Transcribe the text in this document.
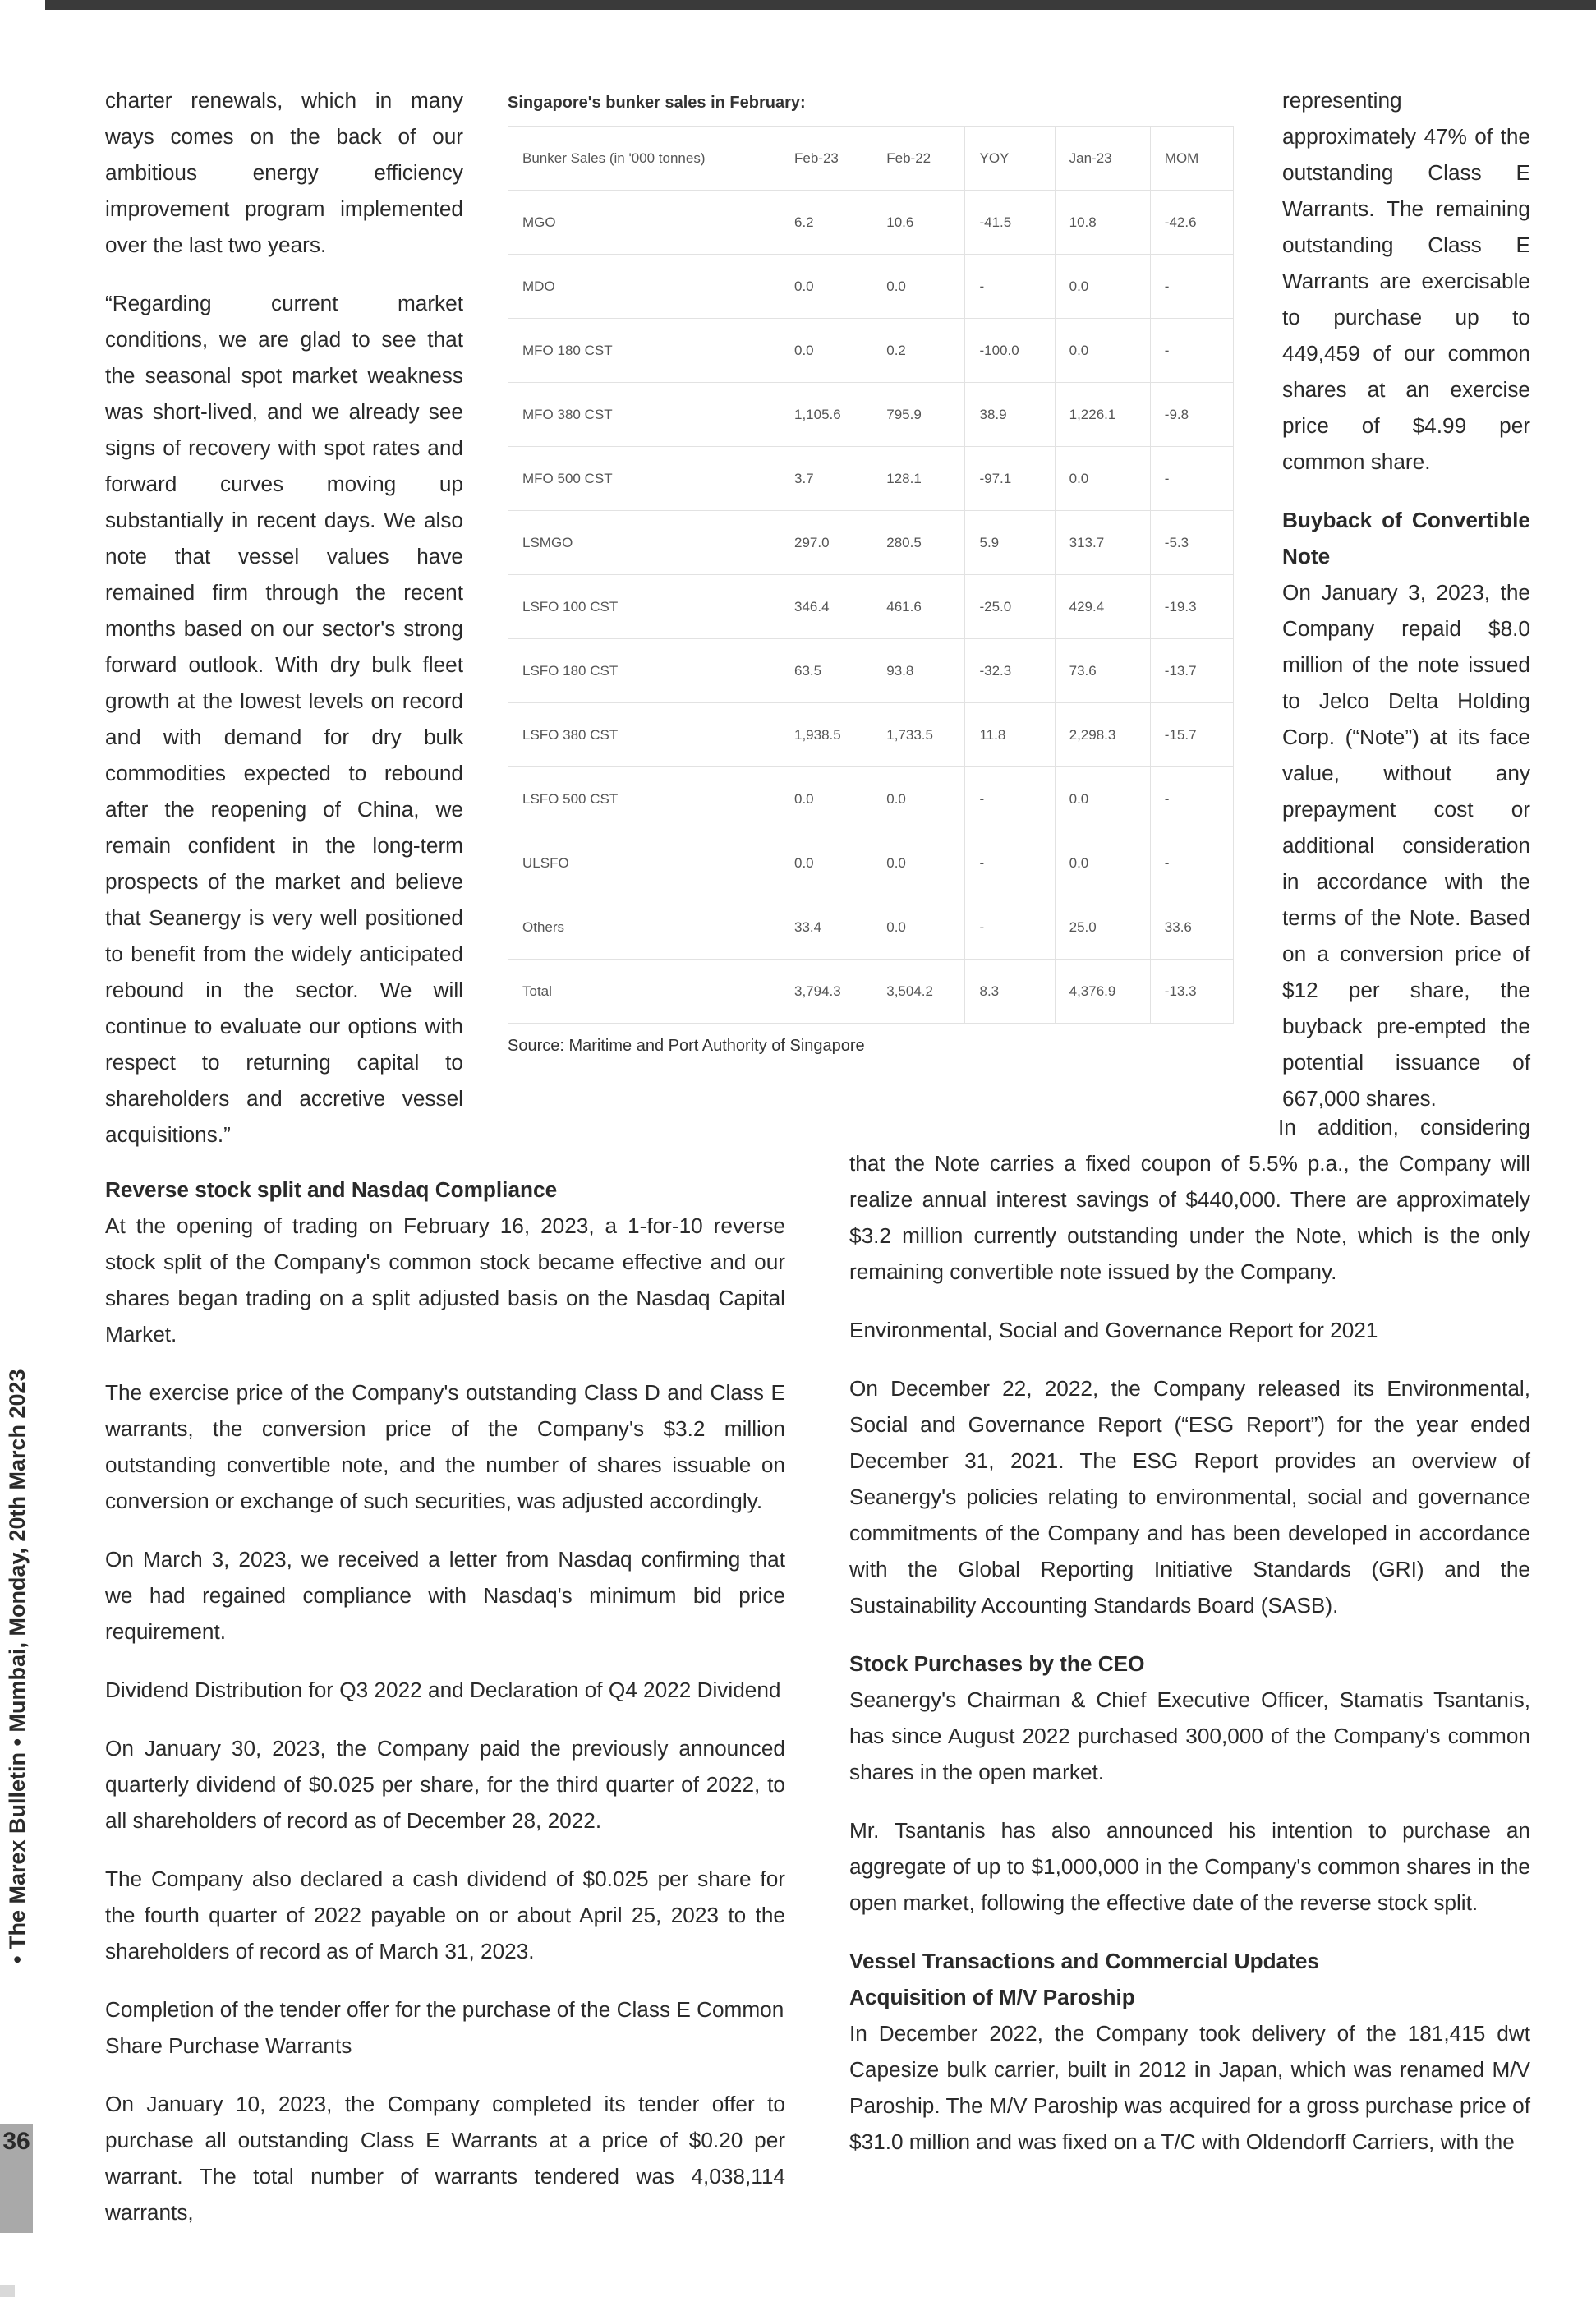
charter renewals, which in many ways comes on the back of our ambitious energy efficiency improvement program implemented over the last two years.

“Regarding current market conditions, we are glad to see that the seasonal spot market weakness was short-lived, and we already see signs of recovery with spot rates and forward curves moving up substantially in recent days. We also note that vessel values have remained firm through the recent months based on our sector's strong forward outlook. With dry bulk fleet growth at the lowest levels on record and with demand for dry bulk commodities expected to rebound after the reopening of China, we remain confident in the long-term prospects of the market and believe that Seanergy is very well positioned to benefit from the widely anticipated rebound in the sector. We will continue to evaluate our options with respect to returning capital to shareholders and accretive vessel acquisitions.”

Singapore's bunker sales in February:
Bunker Sales (in '000 tonnes)	Feb-23	Feb-22	YOY	Jan-23	MOM
MGO	6.2	10.6	-41.5	10.8	-42.6
MDO	0.0	0.0	-	0.0	-
MFO 180 CST	0.0	0.2	-100.0	0.0	-
MFO 380 CST	1,105.6	795.9	38.9	1,226.1	-9.8
MFO 500 CST	3.7	128.1	-97.1	0.0	-
LSMGO	297.0	280.5	5.9	313.7	-5.3
LSFO 100 CST	346.4	461.6	-25.0	429.4	-19.3
LSFO 180 CST	63.5	93.8	-32.3	73.6	-13.7
LSFO 380 CST	1,938.5	1,733.5	11.8	2,298.3	-15.7
LSFO 500 CST	0.0	0.0	-	0.0	-
ULSFO	0.0	0.0	-	0.0	-
Others	33.4	0.0	-	25.0	33.6
Total	3,794.3	3,504.2	8.3	4,376.9	-13.3
Source: Maritime and Port Authority of Singapore

representing approximately 47% of the outstanding Class E Warrants. The remaining outstanding Class E Warrants are exercisable to purchase up to 449,459 of our common shares at an exercise price of $4.99 per common share.

Buyback of Convertible Note

On January 3, 2023, the Company repaid $8.0 million of the note issued to Jelco Delta Holding Corp. (“Note”) at its face value, without any prepayment cost or additional consideration in accordance with the terms of the Note. Based on a conversion price of $12 per share, the buyback pre-empted the potential issuance of 667,000 shares.

Reverse stock split and Nasdaq Compliance

At the opening of trading on February 16, 2023, a 1-for-10 reverse stock split of the Company's common stock became effective and our shares began trading on a split adjusted basis on the Nasdaq Capital Market.

The exercise price of the Company's outstanding Class D and Class E warrants, the conversion price of the Company's $3.2 million outstanding convertible note, and the number of shares issuable on conversion or exchange of such securities, was adjusted accordingly.

On March 3, 2023, we received a letter from Nasdaq confirming that we had regained compliance with Nasdaq's minimum bid price requirement.

Dividend Distribution for Q3 2022 and Declaration of Q4 2022 Dividend

On January 30, 2023, the Company paid the previously announced quarterly dividend of $0.025 per share, for the third quarter of 2022, to all shareholders of record as of December 28, 2022.

The Company also declared a cash dividend of $0.025 per share for the fourth quarter of 2022 payable on or about April 25, 2023 to the shareholders of record as of March 31, 2023.

Completion of the tender offer for the purchase of the Class E Common Share Purchase Warrants

On January 10, 2023, the Company completed its tender offer to purchase all outstanding Class E Warrants at a price of $0.20 per warrant. The total number of warrants tendered was 4,038,114 warrants,

In addition, considering that the Note carries a fixed coupon of 5.5% p.a., the Company will realize annual interest savings of $440,000. There are approximately $3.2 million currently outstanding under the Note, which is the only remaining convertible note issued by the Company.

Environmental, Social and Governance Report for 2021

On December 22, 2022, the Company released its Environmental, Social and Governance Report (“ESG Report”) for the year ended December 31, 2021. The ESG Report provides an overview of Seanergy's policies relating to environmental, social and governance commitments of the Company and has been developed in accordance with the Global Reporting Initiative Standards (GRI) and the Sustainability Accounting Standards Board (SASB).

Stock Purchases by the CEO

Seanergy's Chairman & Chief Executive Officer, Stamatis Tsantanis, has since August 2022 purchased 300,000 of the Company's common shares in the open market.

Mr. Tsantanis has also announced his intention to purchase an aggregate of up to $1,000,000 in the Company's common shares in the open market, following the effective date of the reverse stock split.

Vessel Transactions and Commercial Updates

Acquisition of M/V Paroship

In December 2022, the Company took delivery of the 181,415 dwt Capesize bulk carrier, built in 2012 in Japan, which was renamed M/V Paroship. The M/V Paroship was acquired for a gross purchase price of $31.0 million and was fixed on a T/C with Oldendorff Carriers, with the

• The Marex Bulletin • Mumbai, Monday, 20th March 2023
36
